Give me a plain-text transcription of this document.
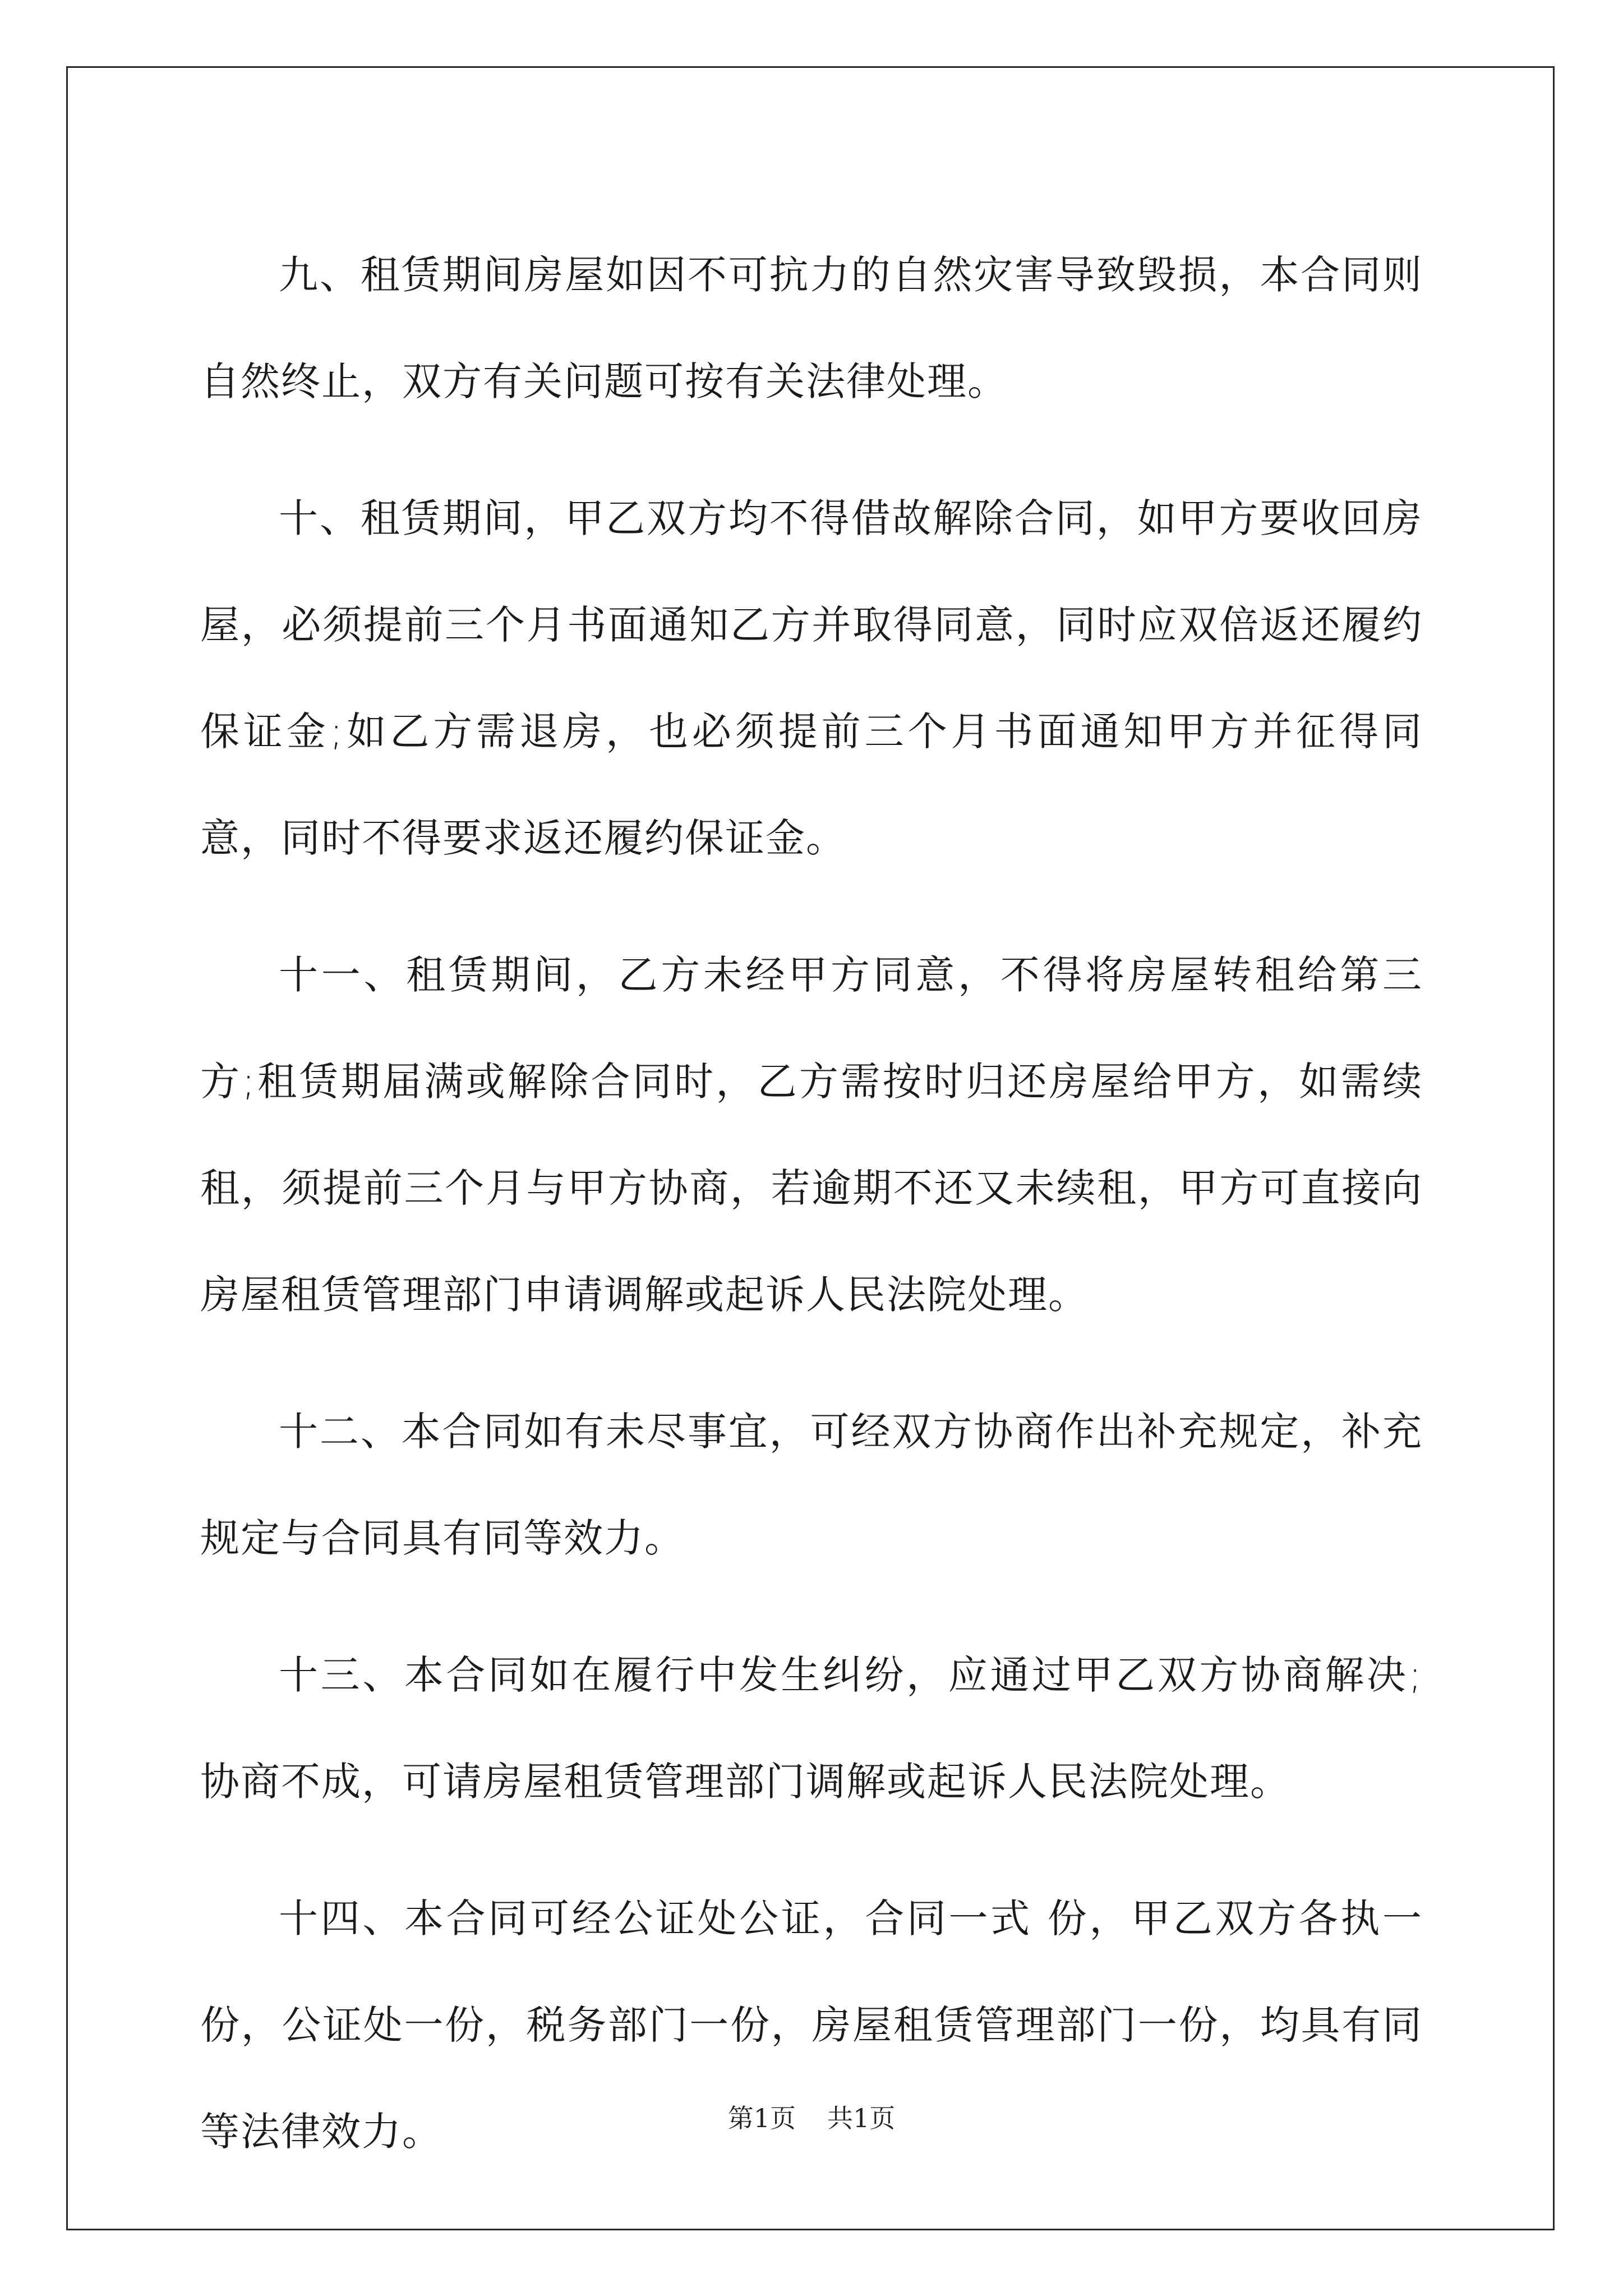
九、租赁期间房屋如因不可抗力的自然灾害导致毁损，本合同则自然终止，双方有关问题可按有关法律处理。

十、租赁期间，甲乙双方均不得借故解除合同，如甲方要收回房屋，必须提前三个月书面通知乙方并取得同意，同时应双倍返还履约保证金;如乙方需退房，也必须提前三个月书面通知甲方并征得同意，同时不得要求返还履约保证金。

十一、租赁期间，乙方未经甲方同意，不得将房屋转租给第三方;租赁期届满或解除合同时，乙方需按时归还房屋给甲方，如需续租，须提前三个月与甲方协商，若逾期不还又未续租，甲方可直接向房屋租赁管理部门申请调解或起诉人民法院处理。

十二、本合同如有未尽事宜，可经双方协商作出补充规定，补充规定与合同具有同等效力。

十三、本合同如在履行中发生纠纷，应通过甲乙双方协商解决;协商不成，可请房屋租赁管理部门调解或起诉人民法院处理。

十四、本合同可经公证处公证，合同一式 份，甲乙双方各执一份，公证处一份，税务部门一份，房屋租赁管理部门一份，均具有同等法律效力。	第1页 共1页
